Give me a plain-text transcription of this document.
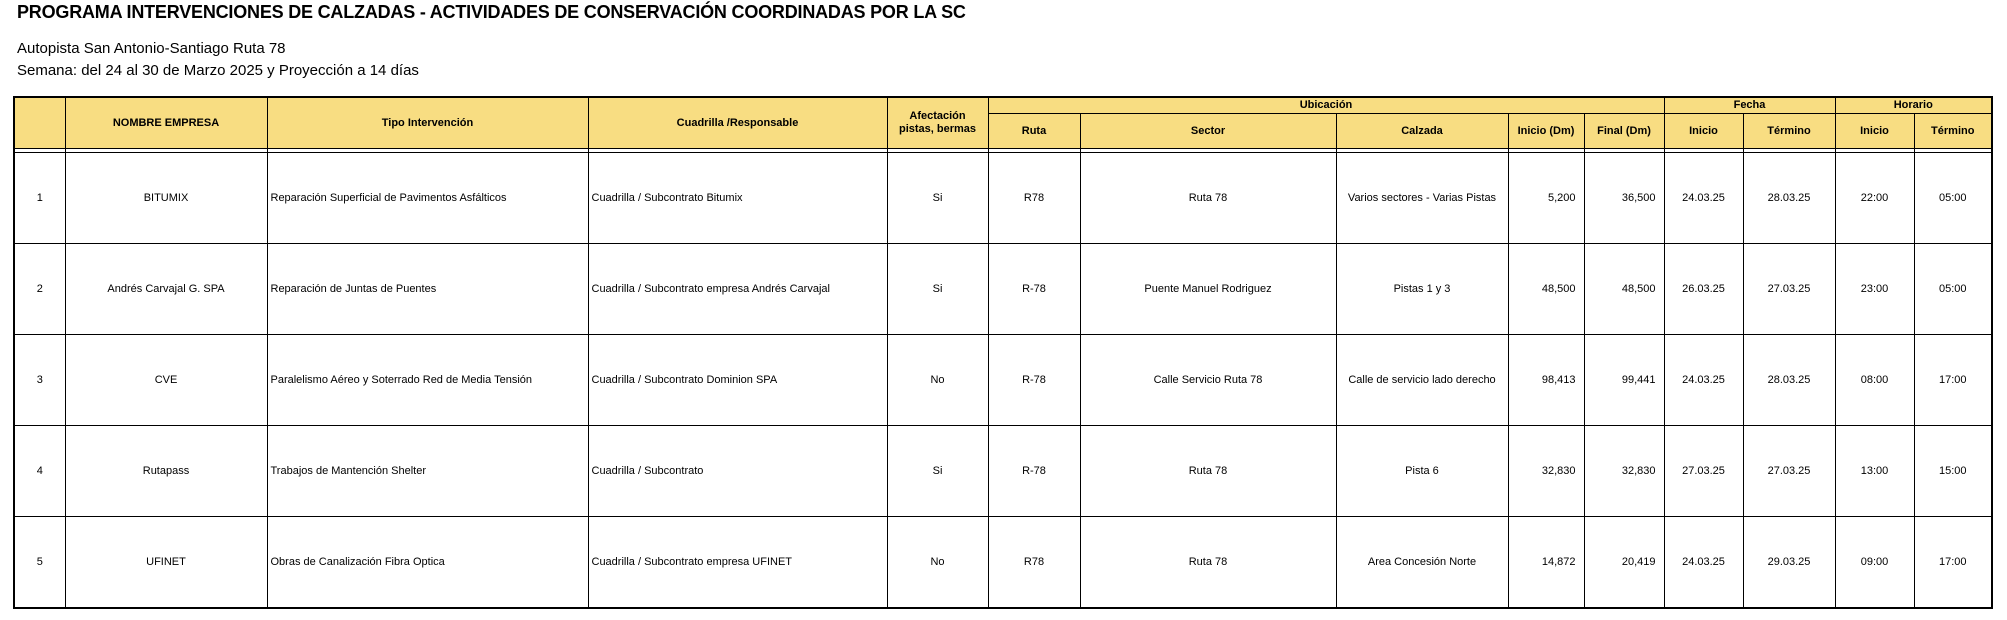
PROGRAMA INTERVENCIONES DE CALZADAS - ACTIVIDADES DE CONSERVACIÓN COORDINADAS POR LA SC
Autopista San Antonio-Santiago Ruta 78
Semana: del 24 al 30 de Marzo 2025 y Proyección a 14 días
	NOMBRE EMPRESA	Tipo Intervención	Cuadrilla /Responsable	Afectación
pistas, bermas	Ubicación					Fecha		Horario	
					Ruta	Sector	Calzada	Inicio (Dm)	Final (Dm)	Inicio	Término	Inicio	Término

1	BITUMIX	Reparación Superficial de Pavimentos Asfálticos	Cuadrilla / Subcontrato Bitumix	Si	R78	Ruta 78	Varios sectores - Varias Pistas	5,200	36,500	24.03.25	28.03.25	22:00	05:00
2	Andrés Carvajal G. SPA	Reparación de Juntas de Puentes	Cuadrilla / Subcontrato empresa Andrés Carvajal	Si	R-78	Puente Manuel Rodriguez	Pistas 1 y 3	48,500	48,500	26.03.25	27.03.25	23:00	05:00
3	CVE	Paralelismo Aéreo y Soterrado Red de Media Tensión	Cuadrilla / Subcontrato Dominion SPA	No	R-78	Calle Servicio Ruta 78	Calle de servicio lado derecho	98,413	99,441	24.03.25	28.03.25	08:00	17:00
4	Rutapass	Trabajos de Mantención Shelter	Cuadrilla / Subcontrato	Si	R-78	Ruta 78	Pista 6	32,830	32,830	27.03.25	27.03.25	13:00	15:00
5	UFINET	Obras de Canalización Fibra Optica	Cuadrilla / Subcontrato empresa UFINET	No	R78	Ruta 78	Area Concesión Norte	14,872	20,419	24.03.25	29.03.25	09:00	17:00
